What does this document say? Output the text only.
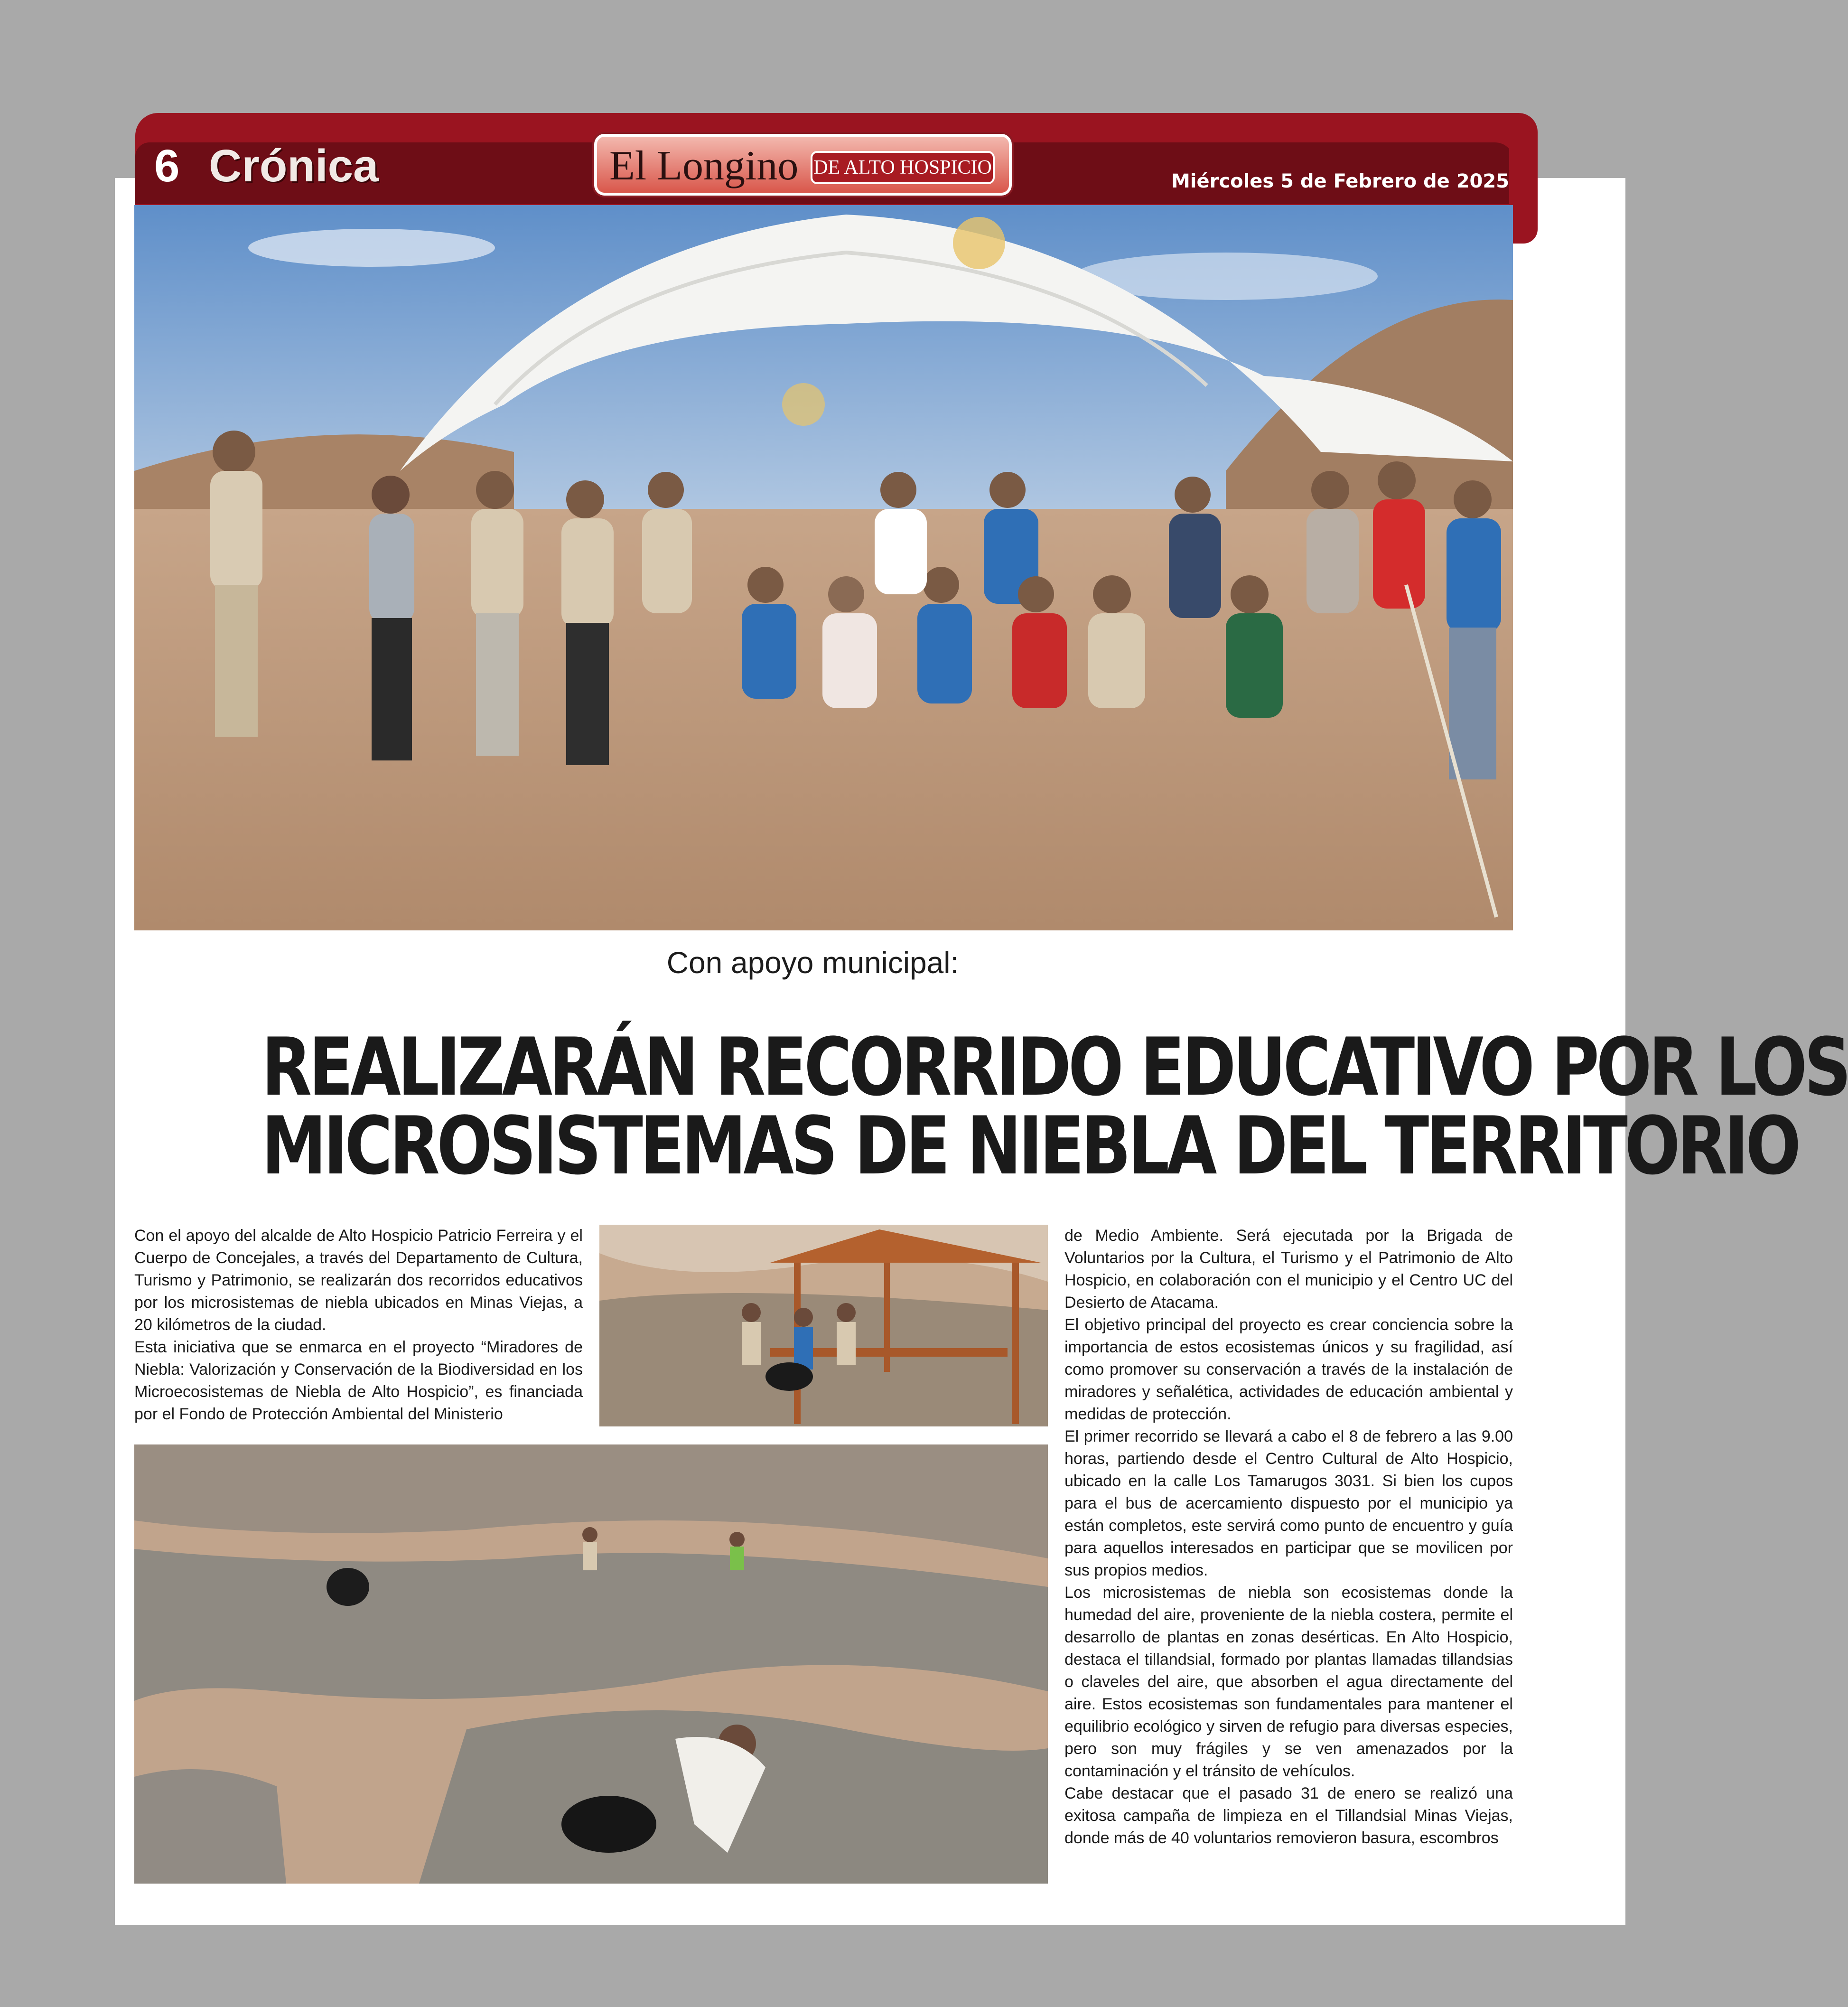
6 Crónica	El Longino DE ALTO HOSPICIO
Miércoles 5 de Febrero de 2025
Con apoyo municipal:
REALIZARÁN RECORRIDO EDUCATIVO POR LOS
MICROSISTEMAS DE NIEBLA DEL TERRITORIO

Con el apoyo del alcalde de Alto Hospicio Patricio Ferreira y el Cuerpo de Concejales, a través del Departamento de Cultura, Turismo y Patrimonio, se realizarán dos recorridos educativos por los microsistemas de niebla ubicados en Minas Viejas, a 20 kilómetros de la ciudad.

Esta iniciativa que se enmarca en el proyecto “Miradores de Niebla: Valorización y Conservación de la Biodiversidad en los Microecosistemas de Niebla de Alto Hospicio”, es financiada por el Fondo de Protección Ambiental del Ministerio

de Medio Ambiente. Será ejecutada por la Brigada de Voluntarios por la Cultura, el Turismo y el Patrimonio de Alto Hospicio, en colaboración con el municipio y el Centro UC del Desierto de Atacama.

El objetivo principal del proyecto es crear conciencia sobre la importancia de estos ecosistemas únicos y su fragilidad, así como promover su conservación a través de la instalación de miradores y señalética, actividades de educación ambiental y medidas de protección.

El primer recorrido se llevará a cabo el 8 de febrero a las 9.00 horas, partiendo desde el Centro Cultural de Alto Hospicio, ubicado en la calle Los Tamarugos 3031. Si bien los cupos para el bus de acercamiento dispuesto por el municipio ya están completos, este servirá como punto de encuentro y guía para aquellos interesados en participar que se movilicen por sus propios medios.

Los microsistemas de niebla son ecosistemas donde la humedad del aire, proveniente de la niebla costera, permite el desarrollo de plantas en zonas desérticas. En Alto Hospicio, destaca el tillandsial, formado por plantas llamadas tillandsias o claveles del aire, que absorben el agua directamente del aire. Estos ecosistemas son fundamentales para mantener el equilibrio ecológico y sirven de refugio para diversas especies, pero son muy frágiles y se ven amenazados por la contaminación y el tránsito de vehículos.

Cabe destacar que el pasado 31 de enero se realizó una exitosa campaña de limpieza en el Tillandsial Minas Viejas, donde más de 40 voluntarios removieron basura, escombros
